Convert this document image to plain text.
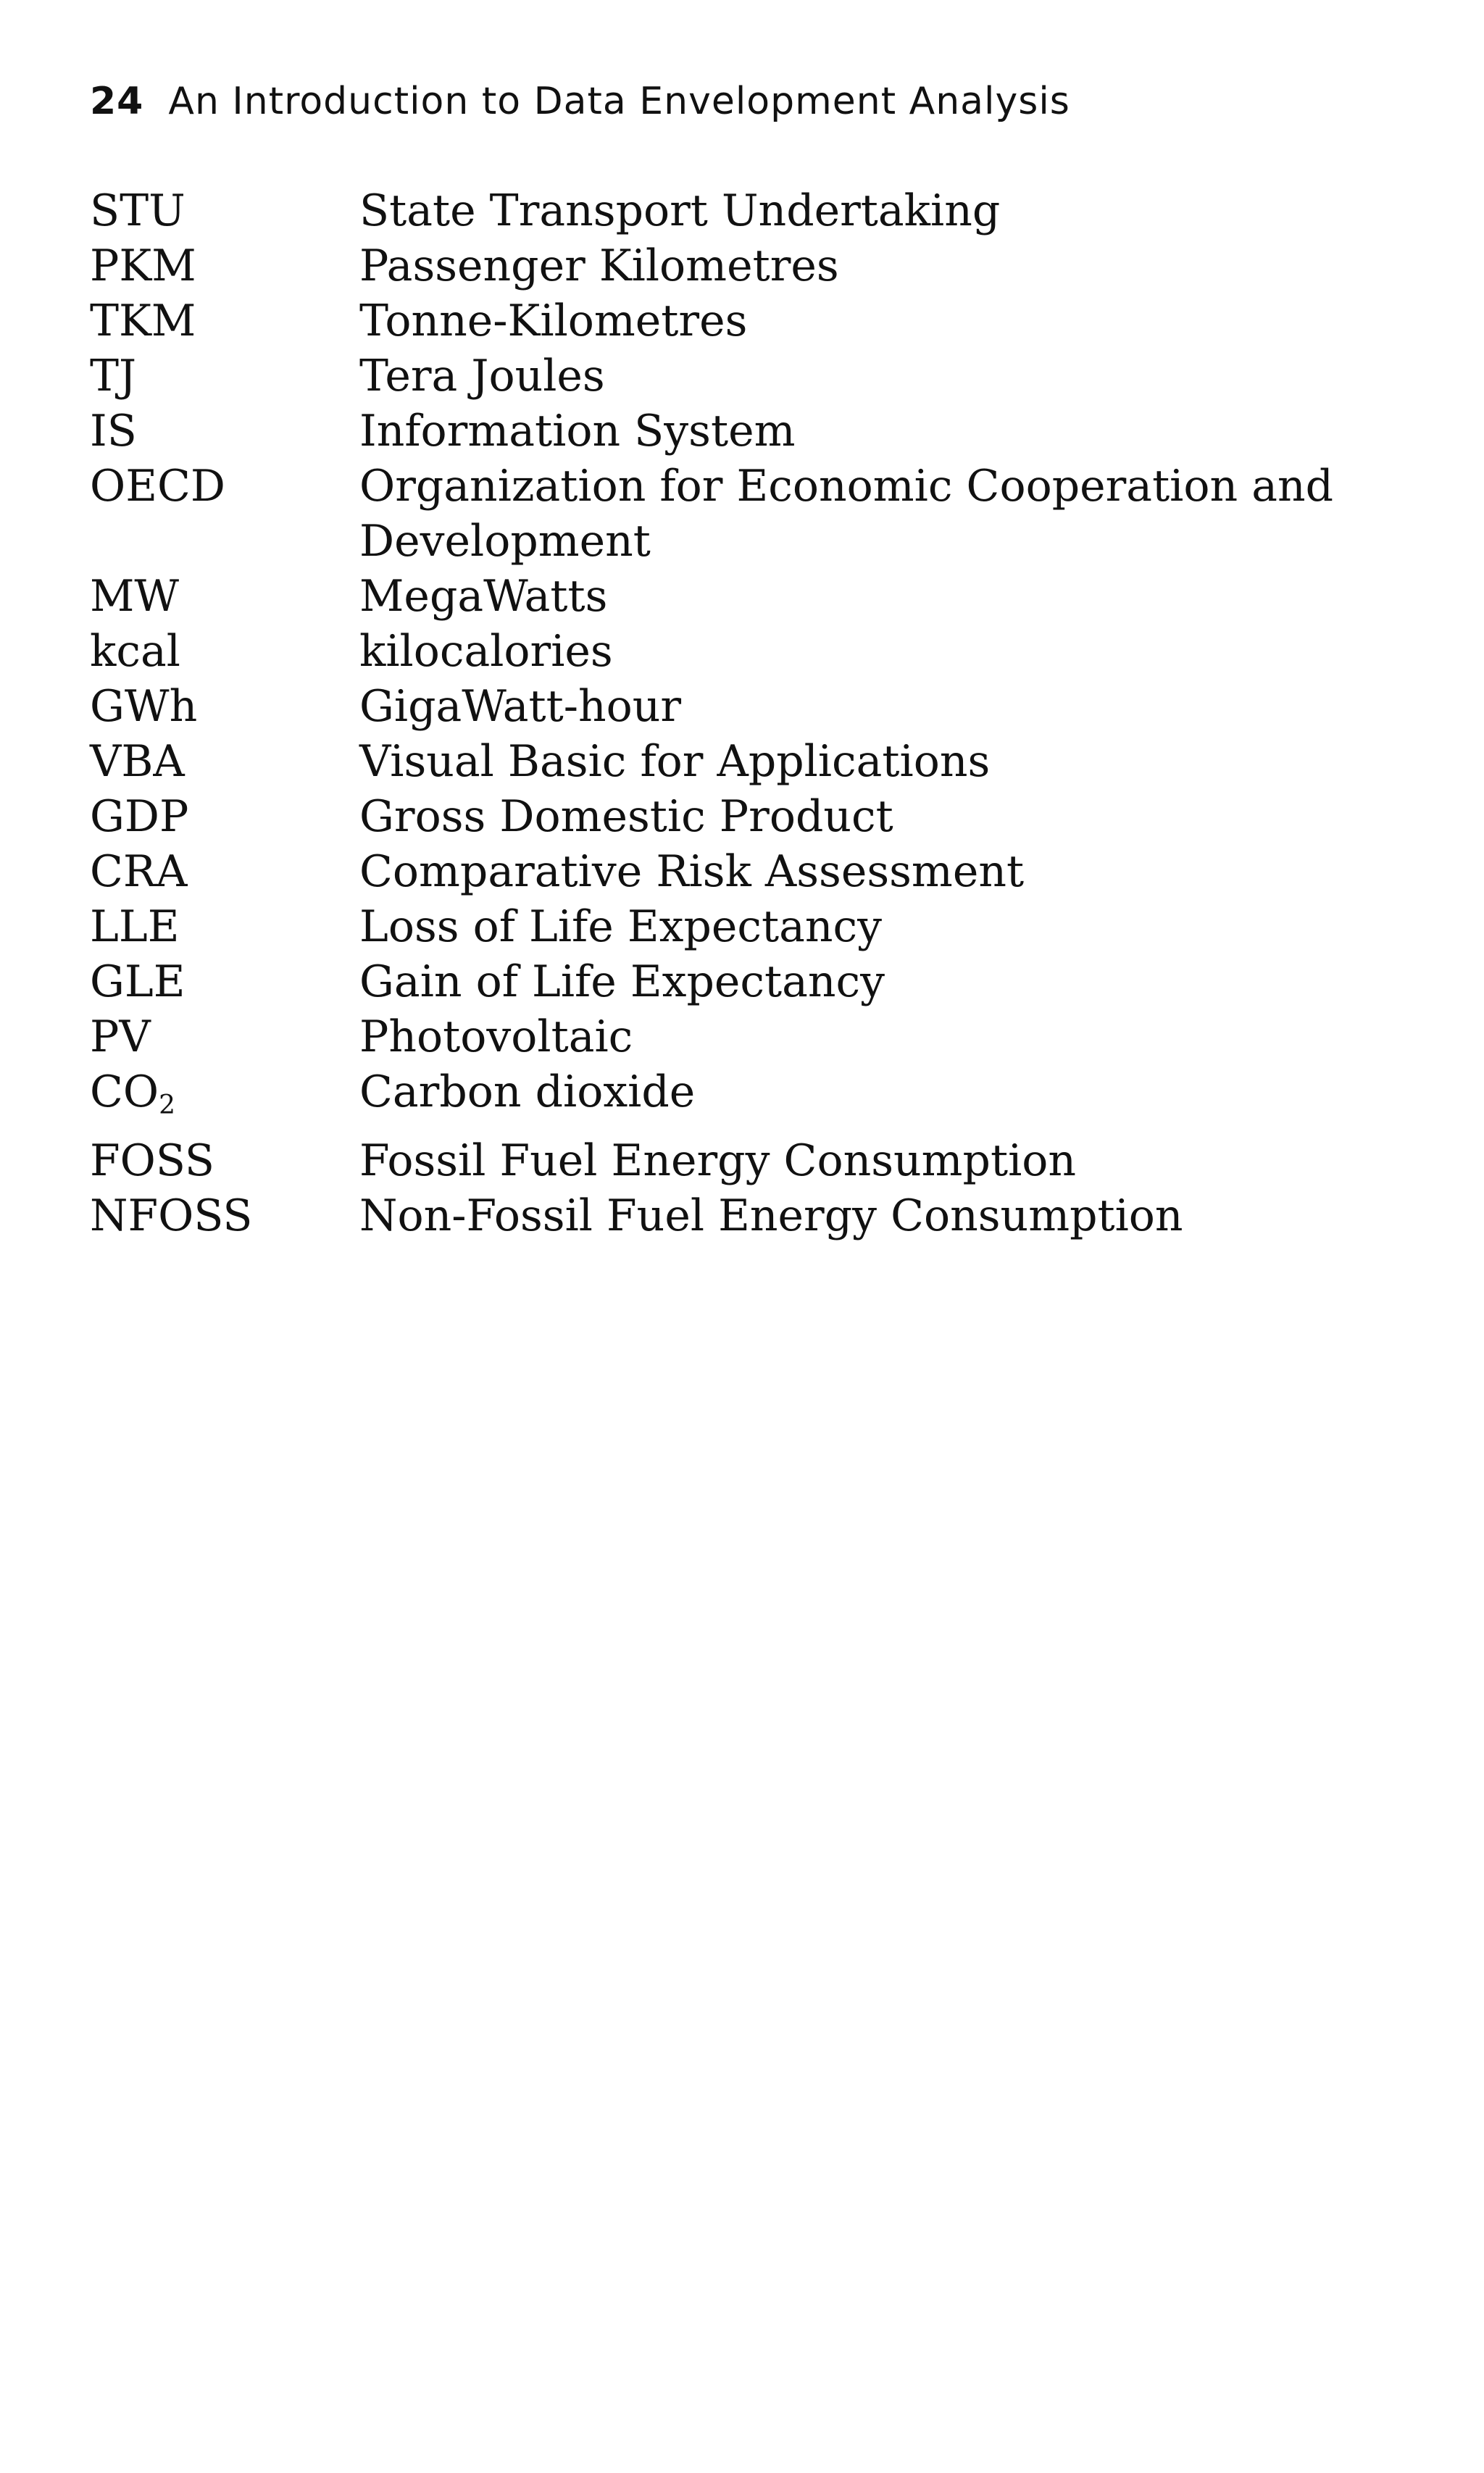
24 An Introduction to Data Envelopment Analysis
STU	State Transport Undertaking
PKM	Passenger Kilometres
TKM	Tonne-Kilometres
TJ	Tera Joules
IS	Information System
OECD	Organization for Economic Cooperation and Development
MW	MegaWatts
kcal	kilocalories
GWh	GigaWatt-hour
VBA	Visual Basic for Applications
GDP	Gross Domestic Product
CRA	Comparative Risk Assessment
LLE	Loss of Life Expectancy
GLE	Gain of Life Expectancy
PV	Photovoltaic
$CO_2$	Carbon dioxide
FOSS	Fossil Fuel Energy Consumption
NFOSS	Non-Fossil Fuel Energy Consumption
